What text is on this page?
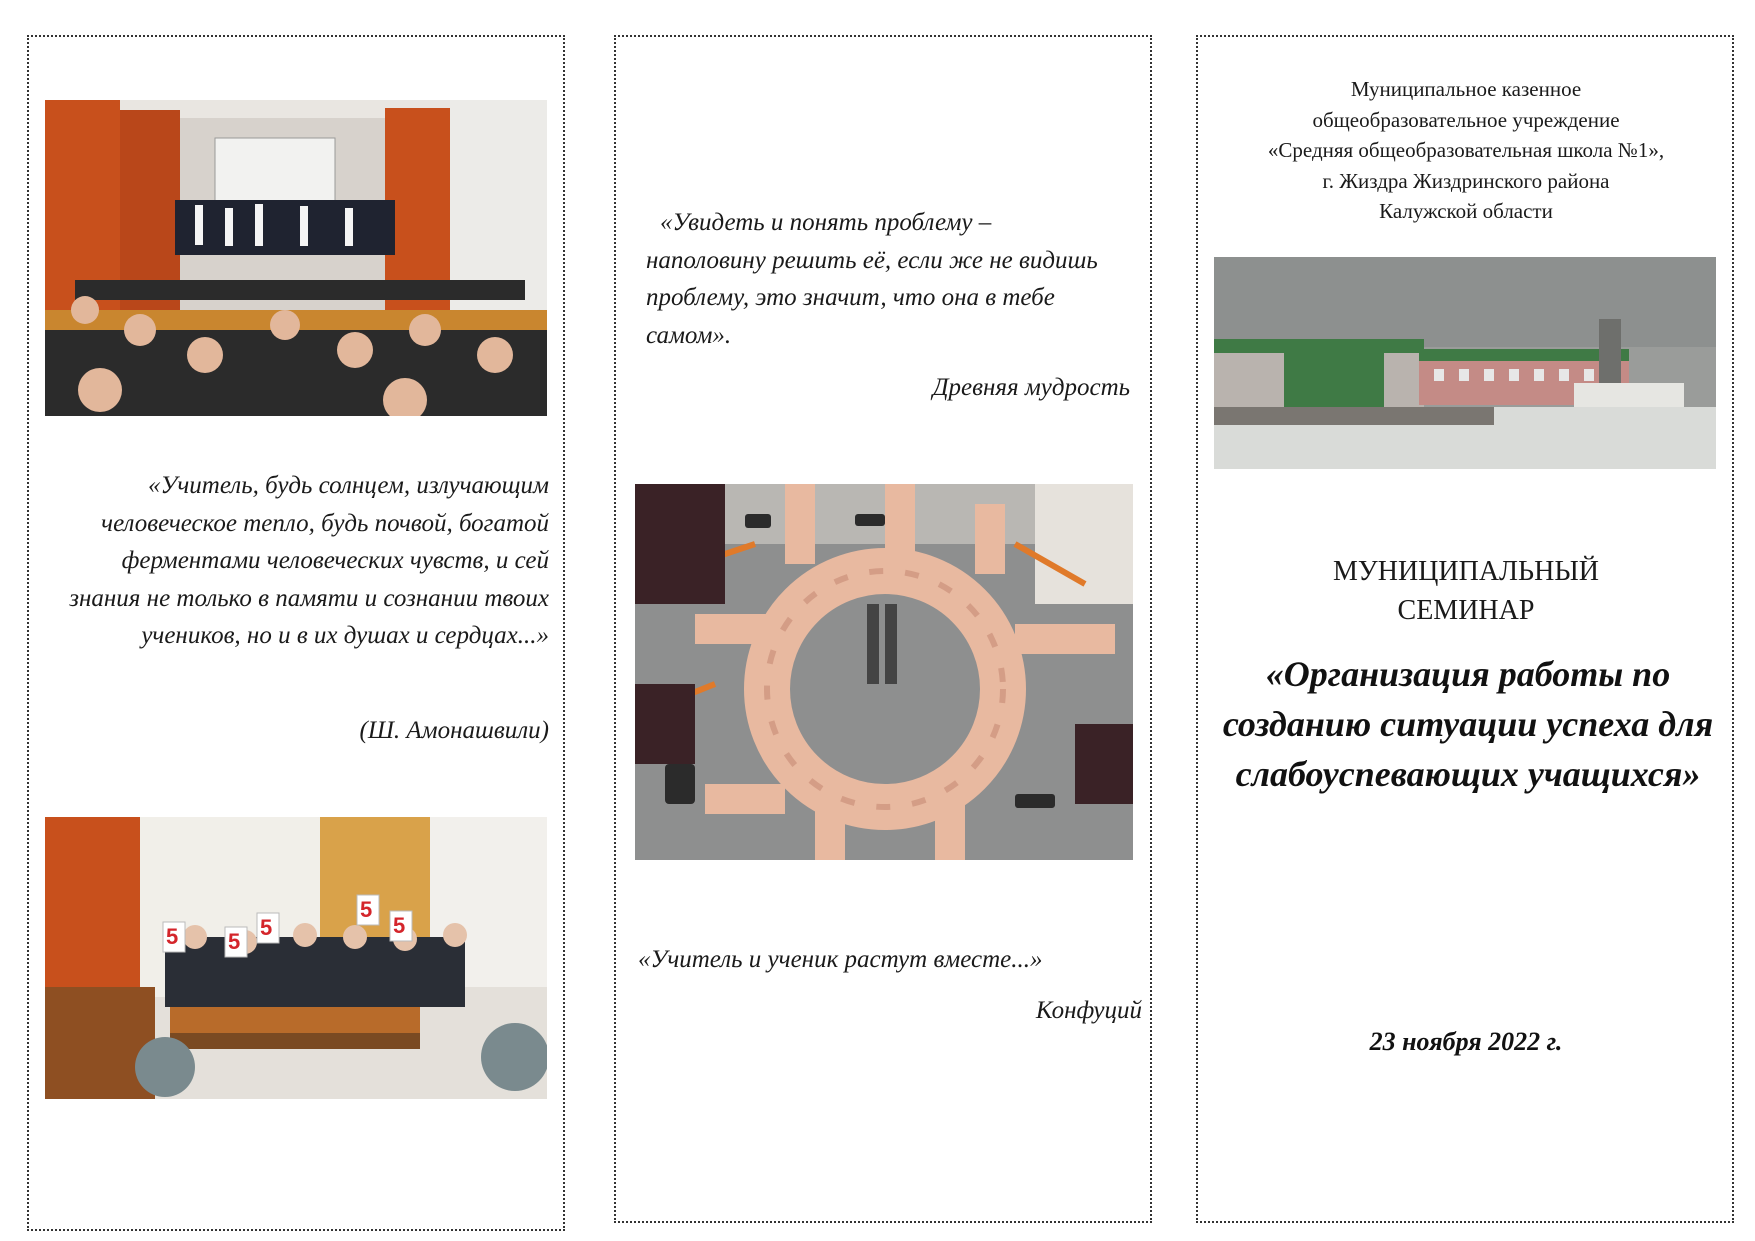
«Учитель, будь солнцем, излучающим человеческое тепло, будь почвой, богатой ферментами человеческих чувств, и сей знания не только в памяти и сознании твоих учеников, но и в их душах и сердцах...»
(Ш. Амонашвили)
5 5
5
5
5
«Увидеть и понять проблему – наполовину решить её, если же не видишь проблему, это значит, что она в тебе самом».
Древняя мудрость
«Учитель и ученик растут вместе...»
Конфуций
Муниципальное казенное
общеобразовательное учреждение
«Средняя общеобразовательная школа №1»,
г. Жиздра Жиздринского района
Калужской области
МУНИЦИПАЛЬНЫЙ
СЕМИНАР
«Организация работы по созданию ситуации успеха для слабоуспевающих учащихся»
23 ноября 2022 г.
